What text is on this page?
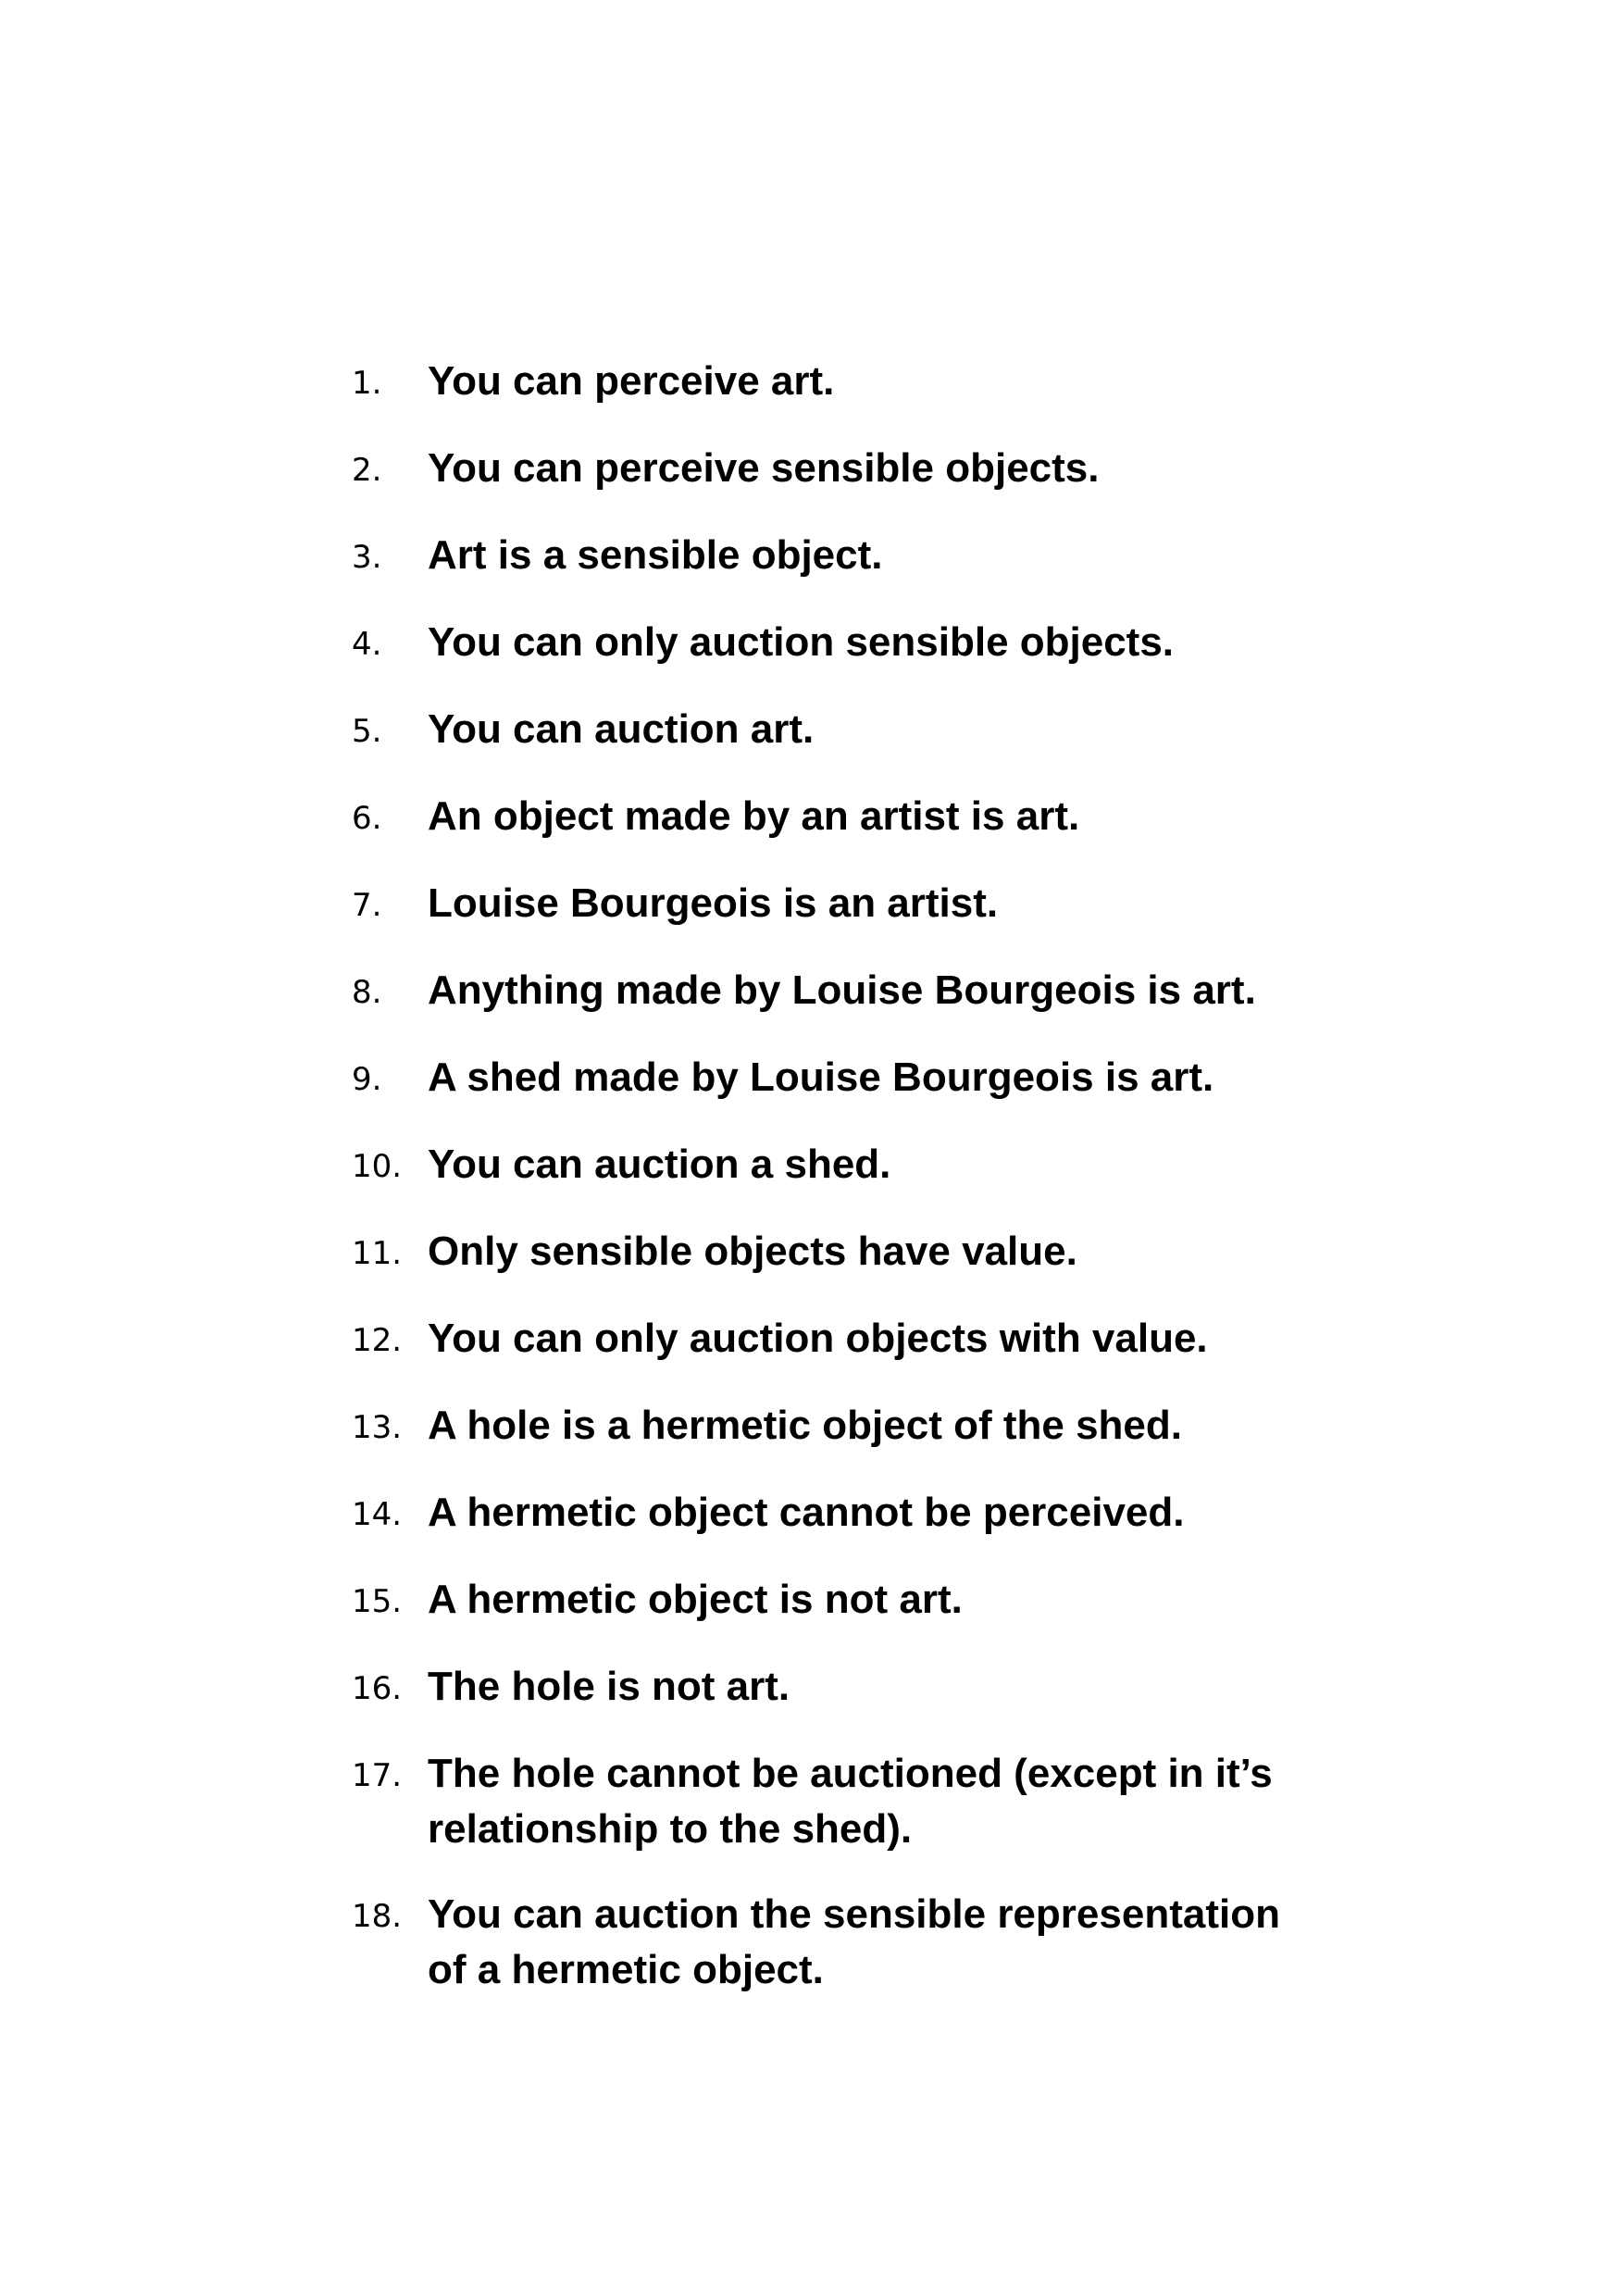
1.	You can perceive art.
2.	You can perceive sensible objects.
3.	Art is a sensible object.
4.	You can only auction sensible objects.
5.	You can auction art.
6.	An object made by an artist is art.
7.	Louise Bourgeois is an artist.
8.	Anything made by Louise Bourgeois is art.
9.	A shed made by Louise Bourgeois is art.
10. You can auction a shed.
11. Only sensible objects have value.
12. You can only auction objects with value.
13. A hole is a hermetic object of the shed.
14. A hermetic object cannot be perceived.
15. A hermetic object is not art.
16. The hole is not art.
17. The hole cannot be auctioned (except in it’s relationship to the shed).
18. You can auction the sensible representation of a hermetic object.
